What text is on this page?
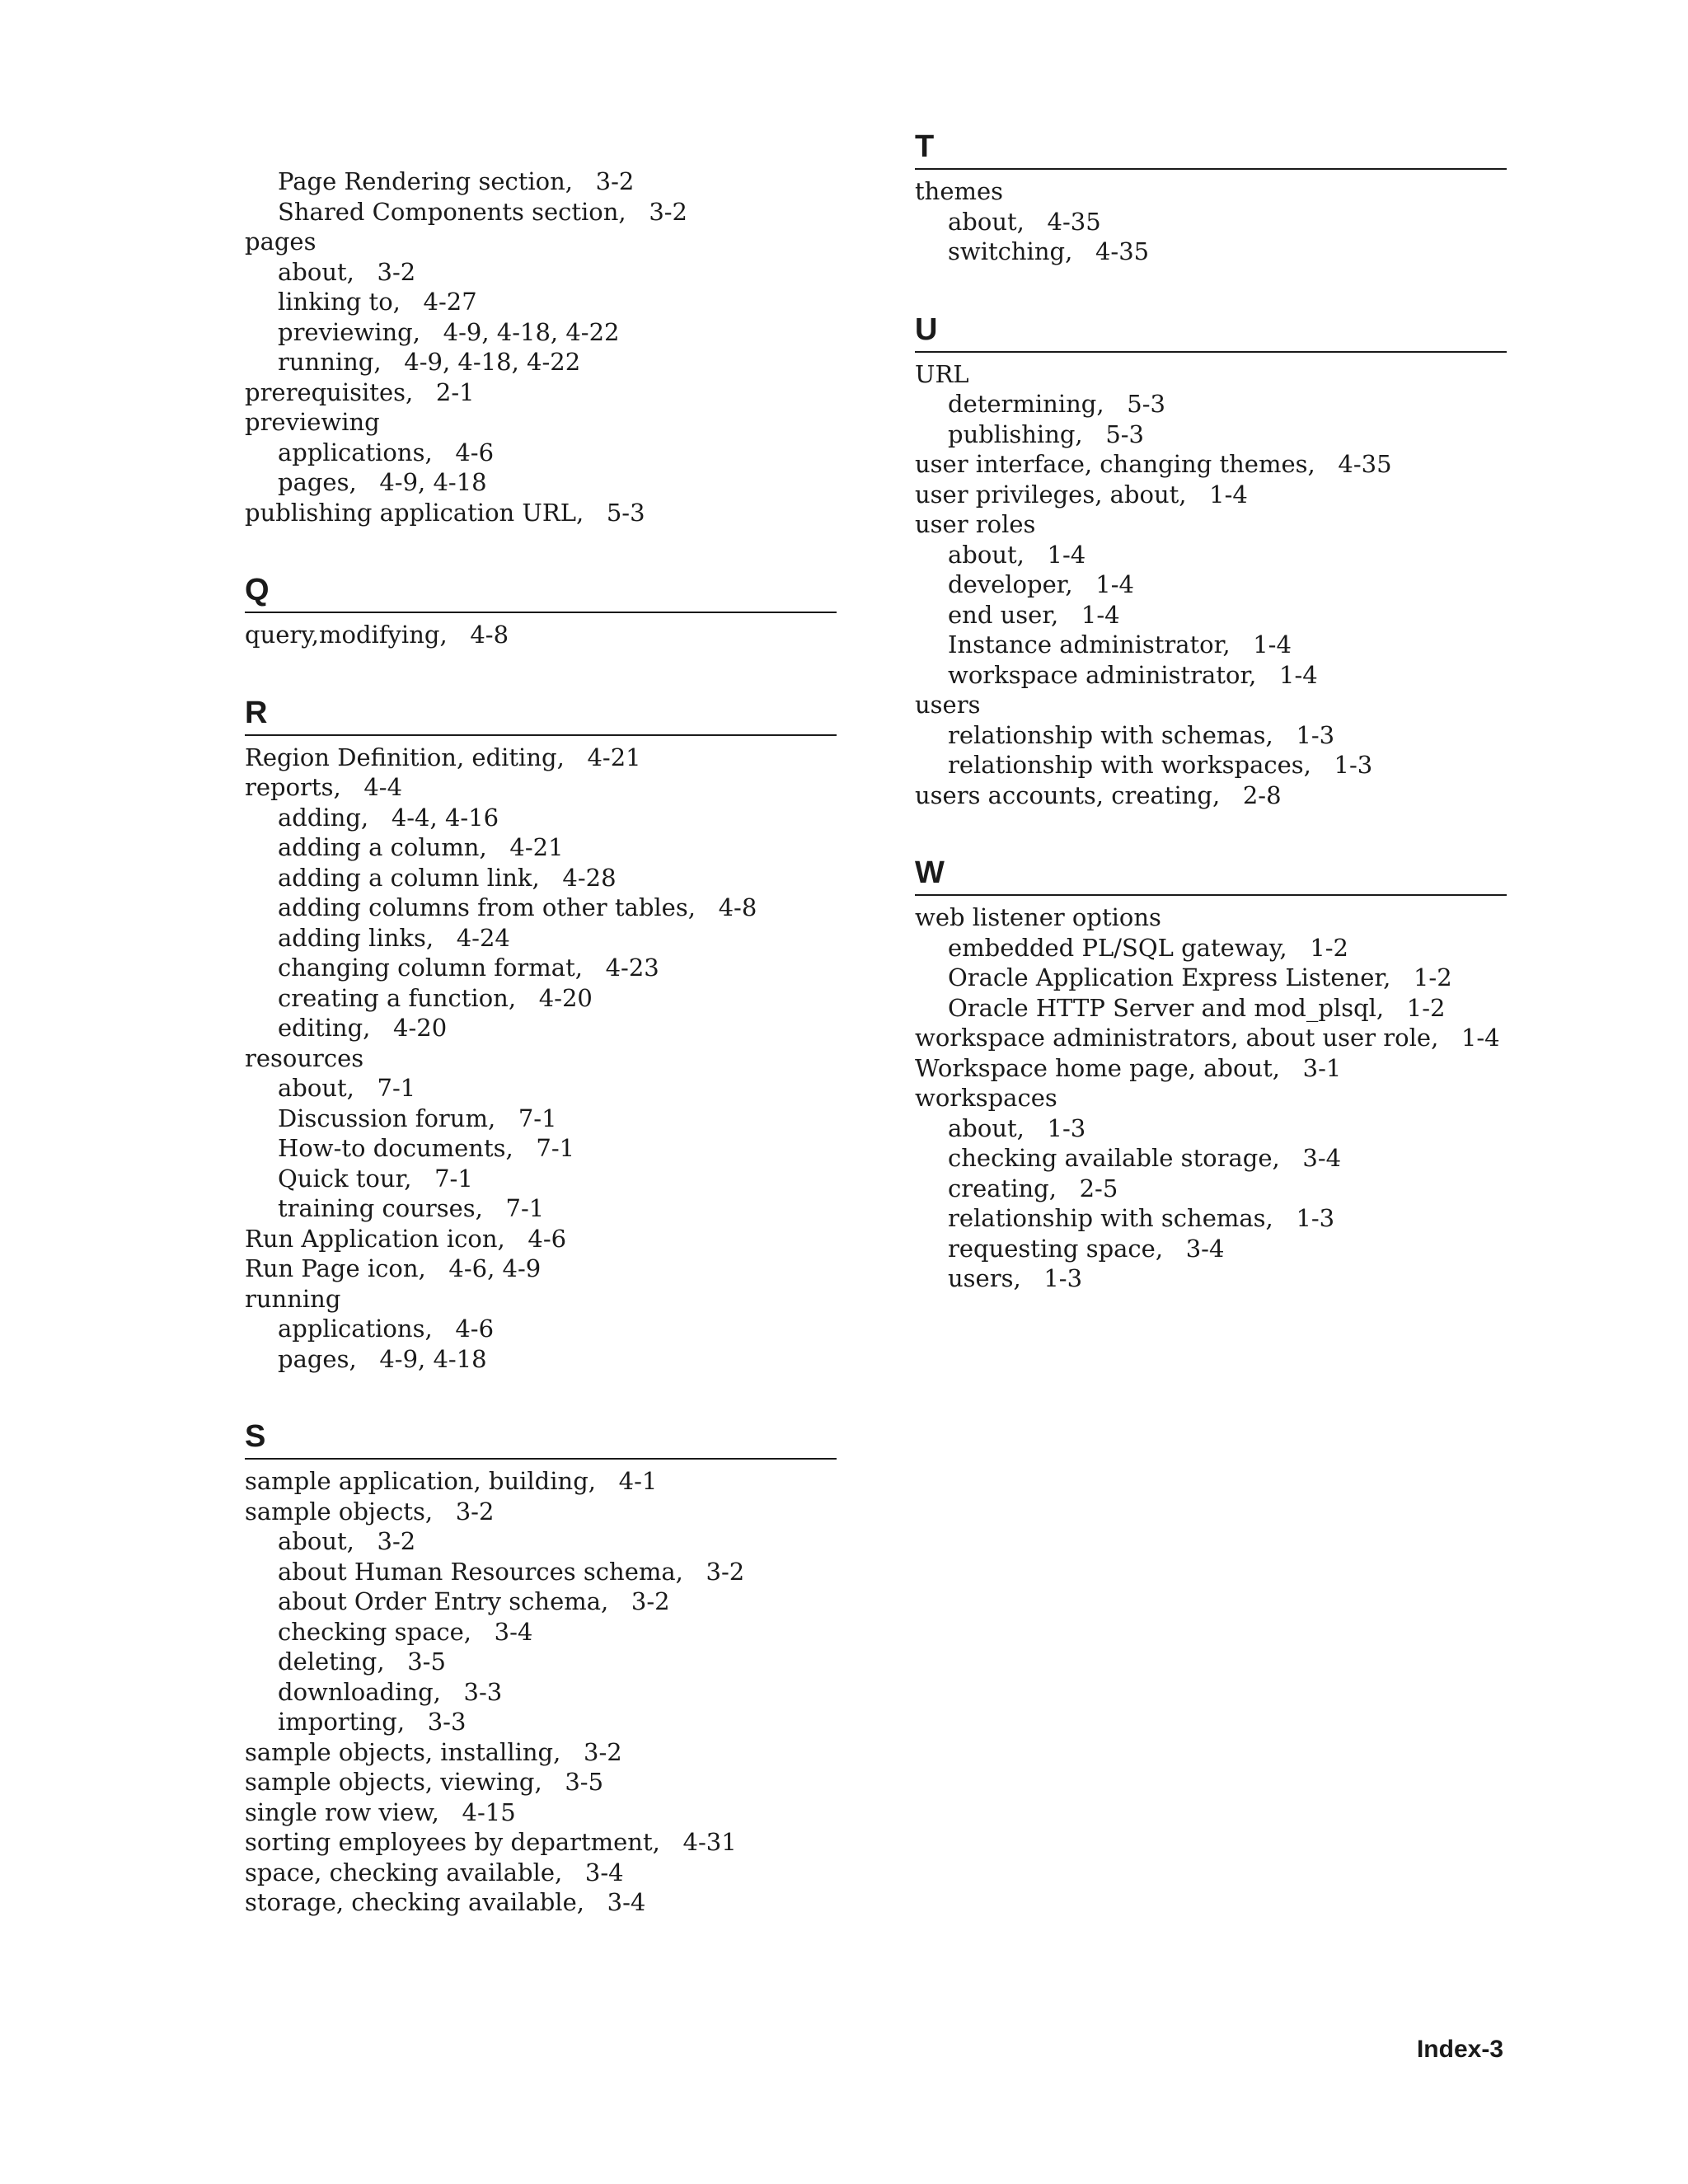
Page Rendering section, 3-2
Shared Components section, 3-2
pages
about, 3-2
linking to, 4-27
previewing, 4-9, 4-18, 4-22
running, 4-9, 4-18, 4-22
prerequisites, 2-1
previewing
applications, 4-6
pages, 4-9, 4-18
publishing application URL, 5-3
Q
query,modifying, 4-8
R
Region Definition, editing, 4-21
reports, 4-4
adding, 4-4, 4-16
adding a column, 4-21
adding a column link, 4-28
adding columns from other tables, 4-8
adding links, 4-24
changing column format, 4-23
creating a function, 4-20
editing, 4-20
resources
about, 7-1
Discussion forum, 7-1
How-to documents, 7-1
Quick tour, 7-1
training courses, 7-1
Run Application icon, 4-6
Run Page icon, 4-6, 4-9
running
applications, 4-6
pages, 4-9, 4-18
S
sample application, building, 4-1
sample objects, 3-2
about, 3-2
about Human Resources schema, 3-2
about Order Entry schema, 3-2
checking space, 3-4
deleting, 3-5
downloading, 3-3
importing, 3-3
sample objects, installing, 3-2
sample objects, viewing, 3-5
single row view, 4-15
sorting employees by department, 4-31
space, checking available, 3-4
storage, checking available, 3-4
T
themes
about, 4-35
switching, 4-35
U
URL
determining, 5-3
publishing, 5-3
user interface, changing themes, 4-35
user privileges, about, 1-4
user roles
about, 1-4
developer, 1-4
end user, 1-4
Instance administrator, 1-4
workspace administrator, 1-4
users
relationship with schemas, 1-3
relationship with workspaces, 1-3
users accounts, creating, 2-8
W
web listener options
embedded PL/SQL gateway, 1-2
Oracle Application Express Listener, 1-2
Oracle HTTP Server and mod_plsql, 1-2
workspace administrators, about user role, 1-4
Workspace home page, about, 3-1
workspaces
about, 1-3
checking available storage, 3-4
creating, 2-5
relationship with schemas, 1-3
requesting space, 3-4
users, 1-3
Index-3
